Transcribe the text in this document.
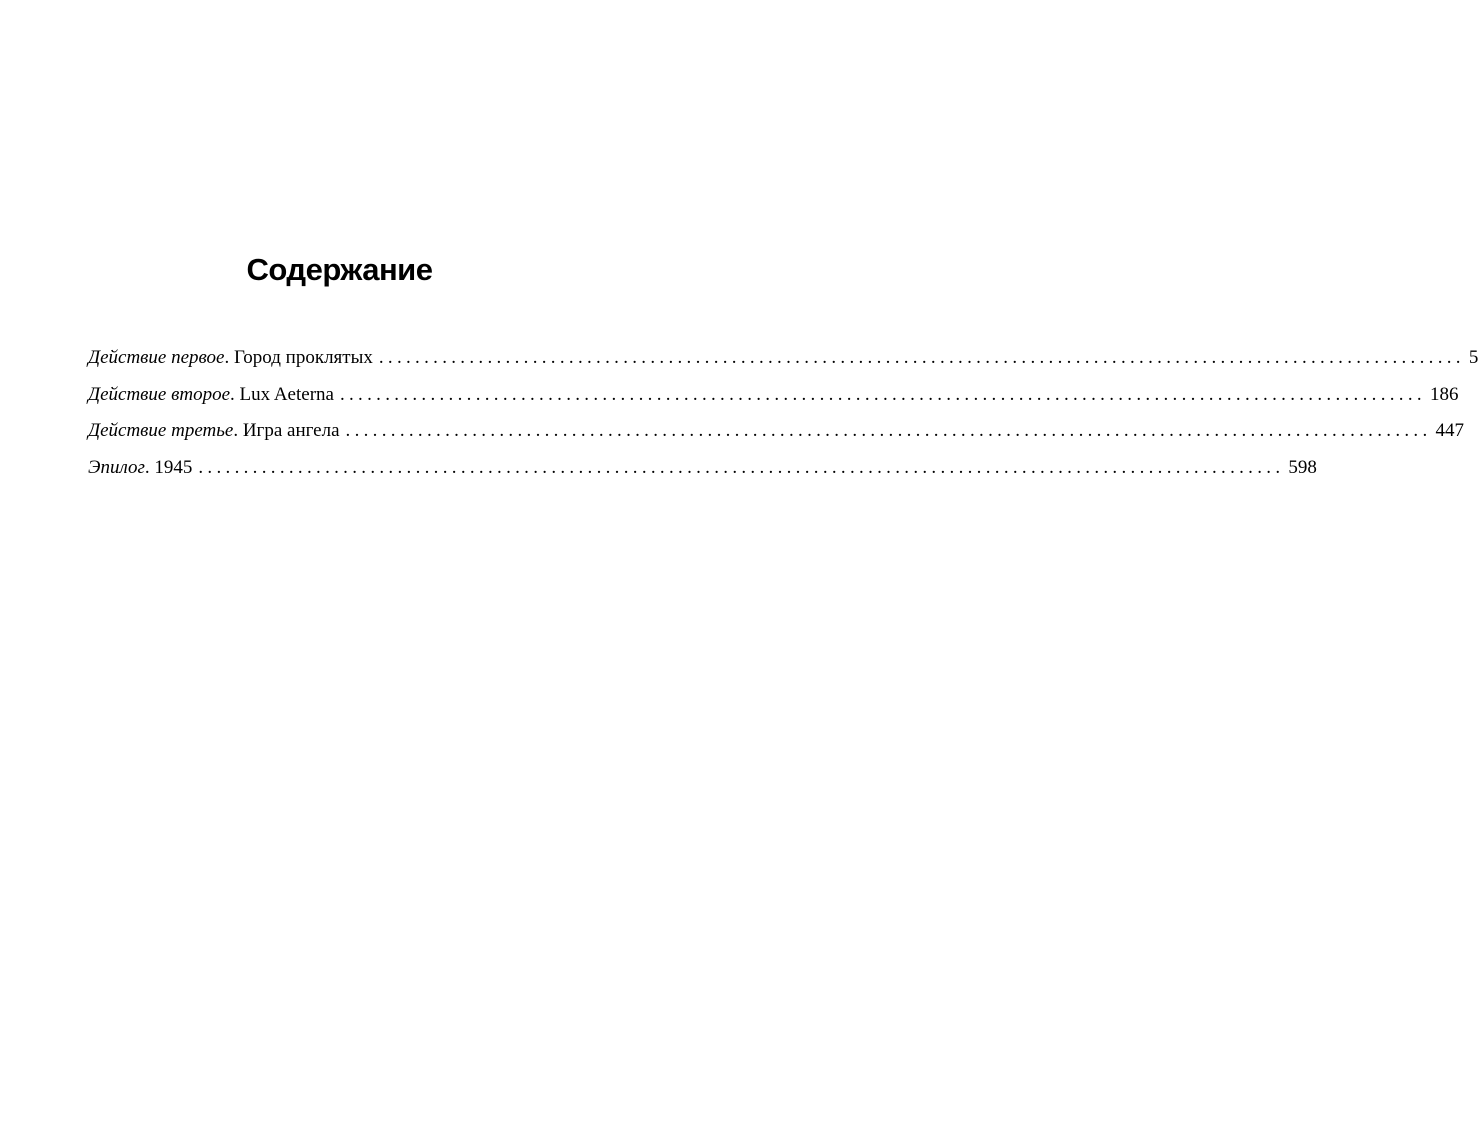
Содержание
Действие первое. Город проклятых ........................................................................................................................ 5
Действие второе. Lux Aeterna ........................................................................................................................ 186
Действие третье. Игра ангела ........................................................................................................................ 447
Эпилог. 1945 ........................................................................................................................ 598
